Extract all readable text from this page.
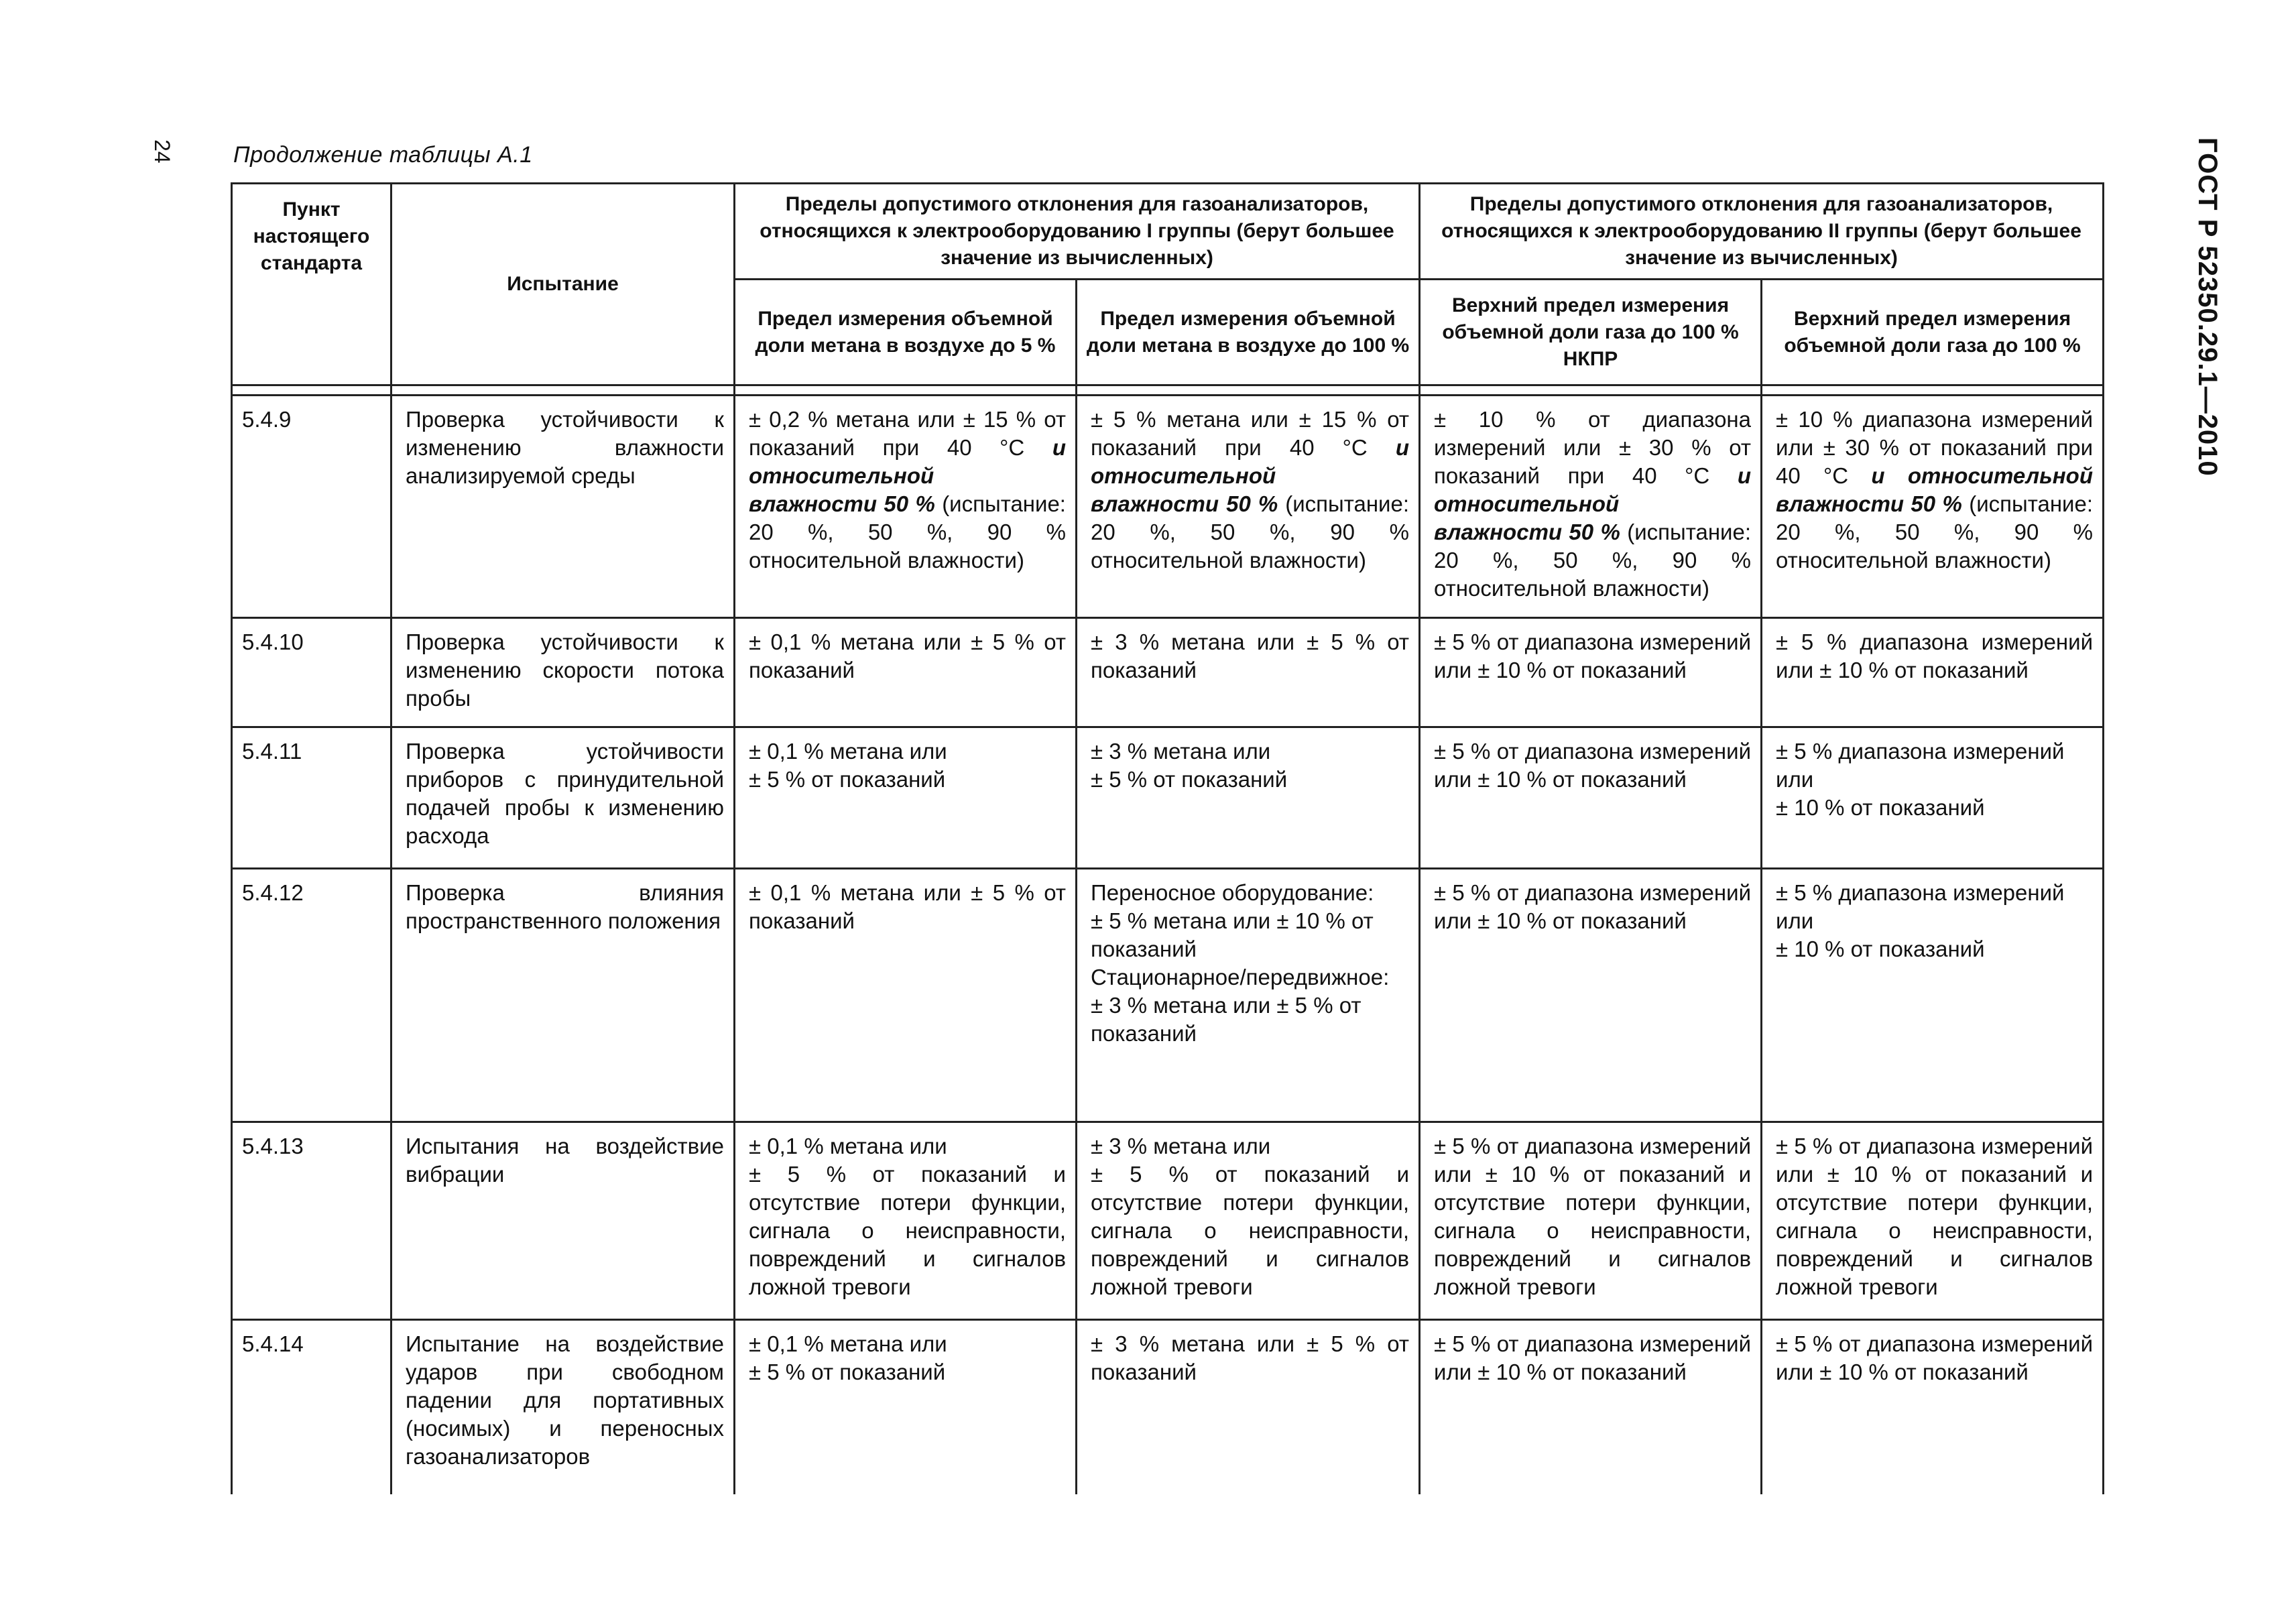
24	Продолжение таблицы А.1	ГОСТ Р 52350.29.1—2010
Пункт настоящего стандарта	Испытание	Пределы допустимого отклонения для газоанализаторов, относящихся к электрооборудованию I группы (берут большее значение из вычисленных)		Пределы допустимого отклонения для газоанализаторов, относящихся к электрооборудованию II группы (берут большее значение из вычисленных)	
		Предел измерения объемной доли метана в воздухе до 5 %	Предел измерения объемной доли метана в воздухе до 100 %	Верхний предел измерения объемной доли газа до 100 % НКПР	Верхний предел измерения объемной доли газа до 100 %

5.4.9	Проверка устойчивости к изменению влажности анализируемой среды	± 0,2 % метана или ± 15 % от показаний при 40 °С и относительной влажности 50 % (испытание: 20 %, 50 %, 90 % относительной влажности)	± 5 % метана или ± 15 % от показаний при 40 °С и относительной влажности 50 % (испытание: 20 %, 50 %, 90 % относительной влажности)	± 10 % от диапазона измерений или ± 30 % от показаний при 40 °С и относительной влажности 50 % (испытание: 20 %, 50 %, 90 % относительной влажности)	± 10 % диапазона измерений или ± 30 % от показаний при 40 °С и относительной влажности 50 % (испытание: 20 %, 50 %, 90 % относительной влажности)
5.4.10	Проверка устойчивости к изменению скорости потока пробы	± 0,1 % метана или ± 5 % от показаний	± 3 % метана или ± 5 % от показаний	± 5 % от диапазона измерений или ± 10 % от показаний	± 5 % диапазона измерений или ± 10 % от показаний
5.4.11	Проверка устойчивости приборов с принудительной подачей пробы к изменению расхода	± 0,1 % метана или
± 5 % от показаний	± 3 % метана или
± 5 % от показаний	± 5 % от диапазона измерений или ± 10 % от показаний	± 5 % диапазона измерений или
± 10 % от показаний
5.4.12	Проверка влияния пространственного положения	± 0,1 % метана или ± 5 % от показаний	Переносное оборудование:
± 5 % метана или ± 10 % от показаний
Стационарное/передвижное:
± 3 % метана или ± 5 % от показаний	± 5 % от диапазона измерений или ± 10 % от показаний	± 5 % диапазона измерений или
± 10 % от показаний
5.4.13	Испытания на воздействие вибрации	± 0,1 % метана или
± 5 % от показаний и отсутствие потери функции, сигнала о неисправности, повреждений и сигналов ложной тревоги	± 3 % метана или
± 5 % от показаний и отсутствие потери функции, сигнала о неисправности, повреждений и сигналов ложной тревоги	± 5 % от диапазона измерений или ± 10 % от показаний и отсутствие потери функции, сигнала о неисправности, повреждений и сигналов ложной тревоги	± 5 % от диапазона измерений или ± 10 % от показаний и отсутствие потери функции, сигнала о неисправности, повреждений и сигналов ложной тревоги
5.4.14	Испытание на воздействие ударов при свободном падении для портативных (носимых) и переносных газоанализаторов	± 0,1 % метана или
± 5 % от показаний	± 3 % метана или ± 5 % от показаний	± 5 % от диапазона измерений или ± 10 % от показаний	± 5 % от диапазона измерений или ± 10 % от показаний
